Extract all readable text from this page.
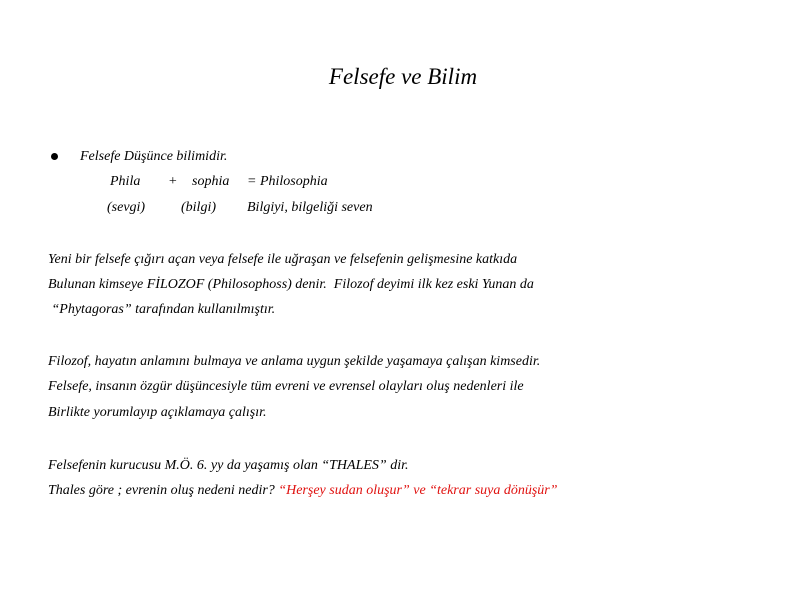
Felsefe ve Bilim
Felsefe Düşünce bilimidir.
Phila + sophia = Philosophia
(sevgi)	(bilgi) Bilgiyi, bilgeliği seven
Yeni bir felsefe çığırı açan veya felsefe ile uğraşan ve felsefenin gelişmesine katkıda
Bulunan kimseye FİLOZOF (Philosophoss) denir.  Filozof deyimi ilk kez eski Yunan da
“Phytagoras” tarafından kullanılmıştır.
Filozof, hayatın anlamını bulmaya ve anlama uygun şekilde yaşamaya çalışan kimsedir.
Felsefe, insanın özgür düşüncesiyle tüm evreni ve evrensel olayları oluş nedenleri ile
Birlikte yorumlayıp açıklamaya çalışır.
Felsefenin kurucusu M.Ö. 6. yy da yaşamış olan “THALES” dir.
Thales göre ; evrenin oluş nedeni nedir? “Herşey sudan oluşur” ve “tekrar suya dönüşür”
